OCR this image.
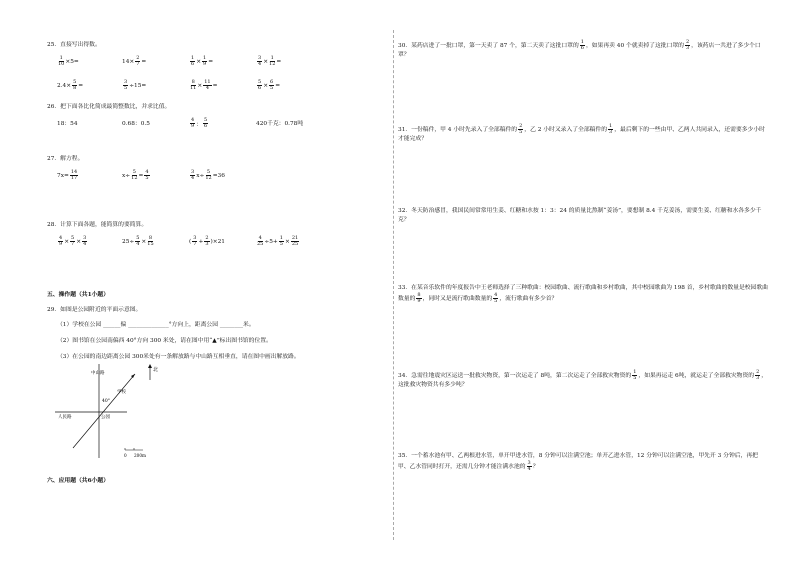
25．直接写出得数。
26．把下面各比化简成最简整数比，并求比值。
27．解方程。
28．计算下面各题，能简算的要简算。
五、操作题（共1小题）
29．如图是公园附近的平面示意图。
（1）学校在公园 ______偏 ______________°方向上，距离公园 ________米。
（2）图书馆在公园南偏西 40°方向 300 米处，请在图中用“▲”标出图书馆的位置。
（3）在公园的南边距离公园 300米处有一条解放路与中山路互相垂直，请在图中画出解放路。
北
中山路
学校
40°
人民路	公园
0 200m
六、应用题（共6小题）
30．某药店进了一批口罩，第一天卖了 87 个，第二天卖了这批口罩的 $\frac{1}{6}$ ，如果再卖 40 个就卖掉了这批口罩的 $\frac{2}{3}$ ，该药店一共进了多少个口罩？
31．一份稿件，甲 4 小时先录入了全部稿件的 $\frac{2}{5}$ ，乙 2 小时又录入了全部稿件的 $\frac{1}{3}$ ，最后剩下的一些由甲、乙两人共同录入，还需要多少小时才能完成？
32．冬天防治感冒，我国民间常常用生姜、红糖和水按 1：3：24 的质量比熬制“姜汤”，要想制 8.4 千克姜汤，需要生姜、红糖和水各多少千克？
33．在某音乐软件的年度报告中王老师选择了三种歌曲：校园歌曲、流行歌曲和乡村歌曲，其中校园歌曲为 198 首，乡村歌曲的数量是校园歌曲数量的 $\frac{8}{9}$ ，同时又是流行歌曲数量的 $\frac{4}{5}$ ，流行歌曲有多少首？
34．急需往地震灾区运送一批救灾物资，第一次运走了 8吨，第二次运走了全部救灾物资的 $\frac{1}{5}$ ，如果再运走 6吨，就运走了全部救灾物资的 $\frac{2}{3}$ ，这批救灾物资共有多少吨？
35．一个蓄水池有甲、乙两根进水管，单开甲进水管，8 分钟可以注满空池；单开乙进水管，12 分钟可以注满空池，甲先开 3 分钟后，再把甲、乙水管同时打开，还需几分钟才能注满水池的 $\frac{3}{4}$ ？
$\frac{1}{10} \times 5=$	$14\times \frac{2}{7}$ =	$\frac{1}{6} \times \frac{1}{9}$ =	$\frac{3}{4} \times \frac{1}{12}$ =
$2.4\times \frac{5}{8}$ =	$\frac{3}{5} \div 15=$	$\frac{8}{11} \times \frac{11}{4}$ =	$\frac{5}{6} \times \frac{6}{5}$ =
18：54	0.68：0.5	$\frac{4}{9}$ ： $\frac{5}{6}$	420千克：0.78吨
$7x= \frac{14}{17}$	$x\div \frac{5}{12} = \frac{4}{5}$	$\frac{3}{4} x\div \frac{5}{12} =36$
$\frac{4}{9} \times \frac{5}{7} \times \frac{3}{4}$	$25\div \frac{5}{4} \times \frac{8}{15}$	( $\frac{3}{7} + \frac{2}{3} )\times 21$	$\frac{4}{25} \div 5+ \frac{1}{5} \times \frac{21}{25}$
